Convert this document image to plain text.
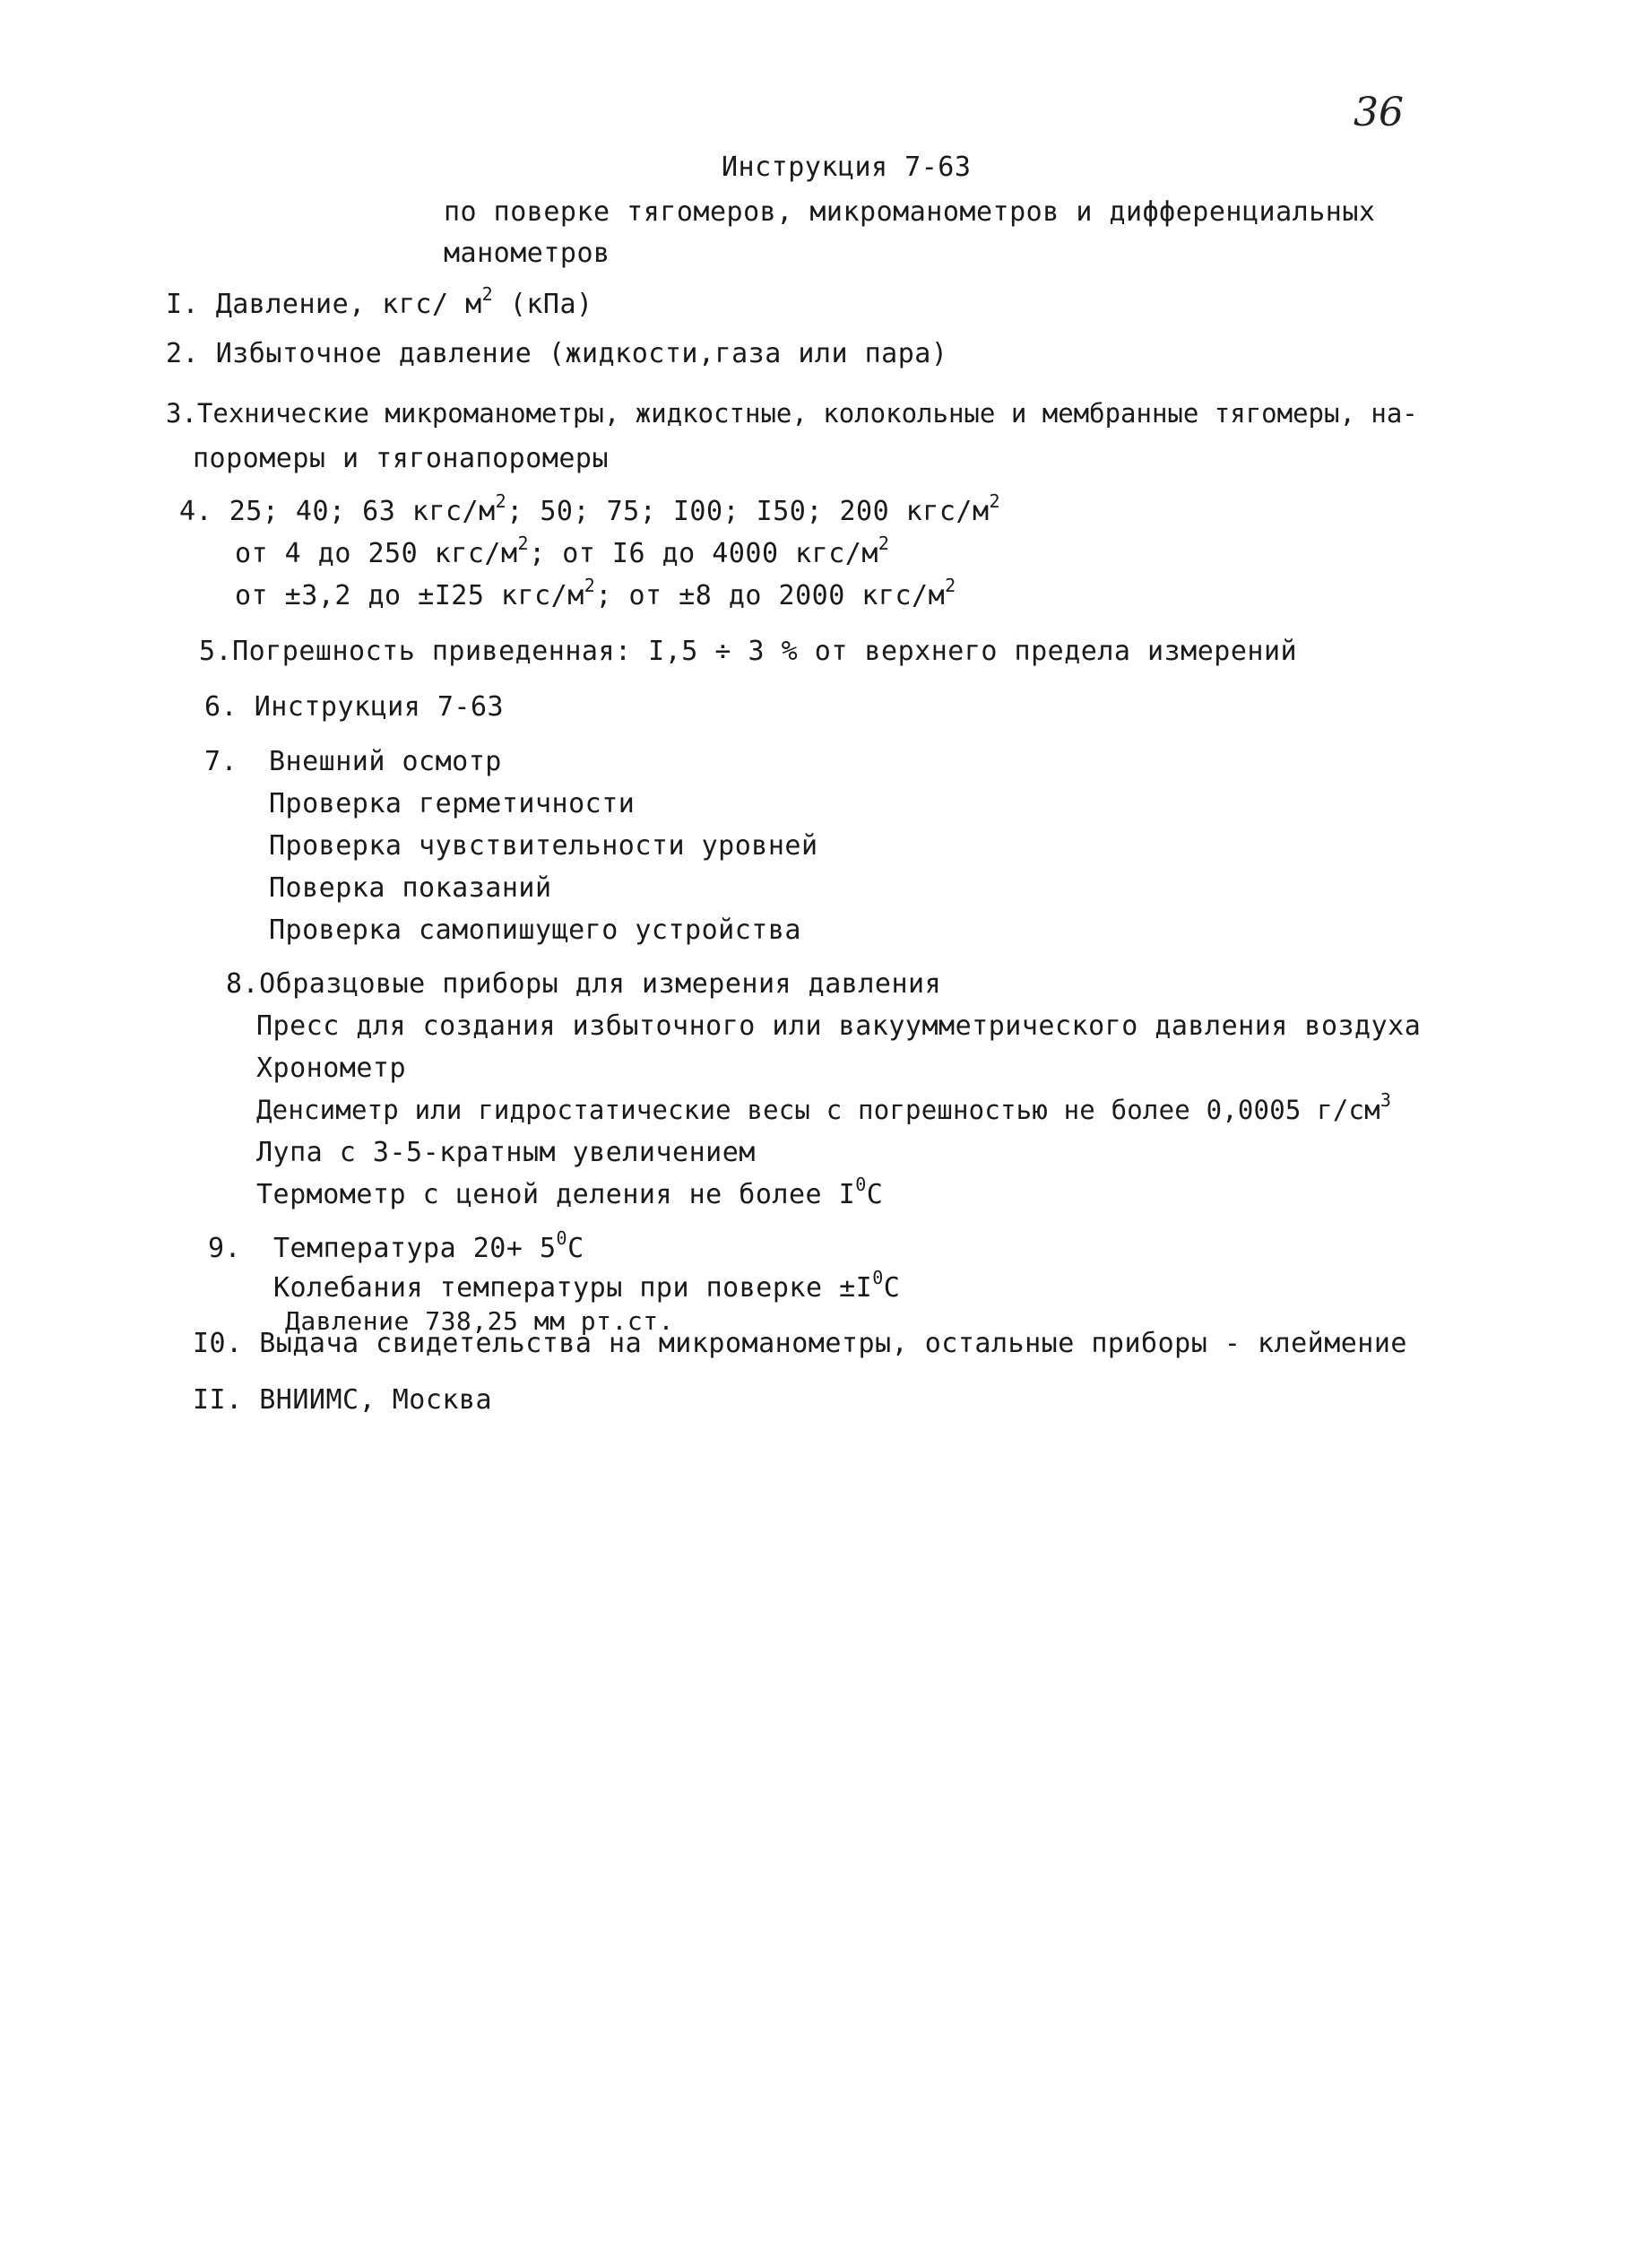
36
Инструкция 7-63
по поверке тягомеров, микроманометров и дифференциальных
манометров
I. Давление, кгс/ $м^2$ (кПа)
2. Избыточное давление (жидкости,газа или пара)
3.Технические микроманометры, жидкостные, колокольные и мембранные тягомеры, на-
поромеры и тягонапоромеры
4. 25; 40; 63 кгс/$м^2$; 50; 75; I00; I50; 200 кгс/$м^2$
от 4 до 250 кгс/$м^2$; от I6 до 4000 кгс/$м^2$
от ±3,2 до ±I25 кгс/$м^2$; от ±8 до 2000 кгс/$м^2$
5.Погрешность приведенная: I,5 ÷ 3 % от верхнего предела измерений
6. Инструкция 7-63
7. Внешний осмотр
Проверка герметичности
Проверка чувствительности уровней
Поверка показаний
Проверка самопишущего устройства
8.Образцовые приборы для измерения давления
Пресс для создания избыточного или вакуумметрического давления воздуха
Хронометр
Денсиметр или гидростатические весы с погрешностью не более 0,0005 $г/см^3$
Лупа с 3-5-кратным увеличением
Термометр с ценой деления не более $I^0С$
9. Температура $20+ 5^0С$
Колебания температуры при поверке $\pm I^0С$
Давление 738,25 мм рт.ст.
I0. Выдача свидетельства на микроманометры, остальные приборы - клеймение
II. ВНИИМС, Москва
